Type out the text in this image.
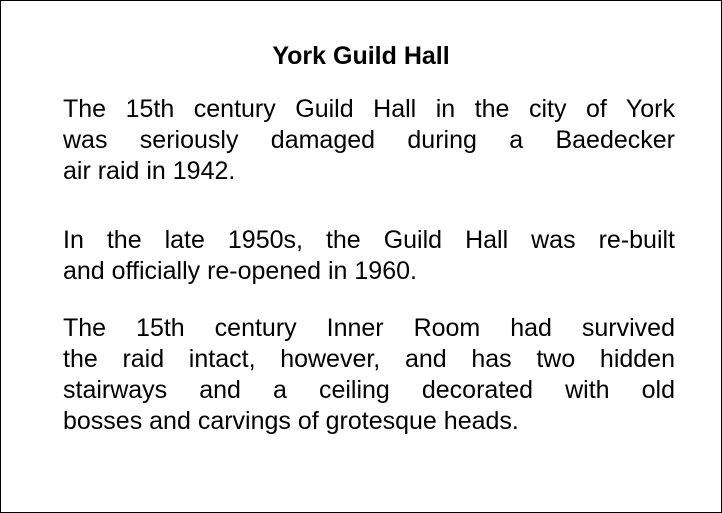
York Guild Hall

The 15th century Guild Hall in the city of York
was seriously damaged during a Baedecker
air raid in 1942.

In the late 1950s, the Guild Hall was re-built
and officially re-opened in 1960.

The 15th century Inner Room had survived
the raid intact, however, and has two hidden
stairways and a ceiling decorated with old
bosses and carvings of grotesque heads.
